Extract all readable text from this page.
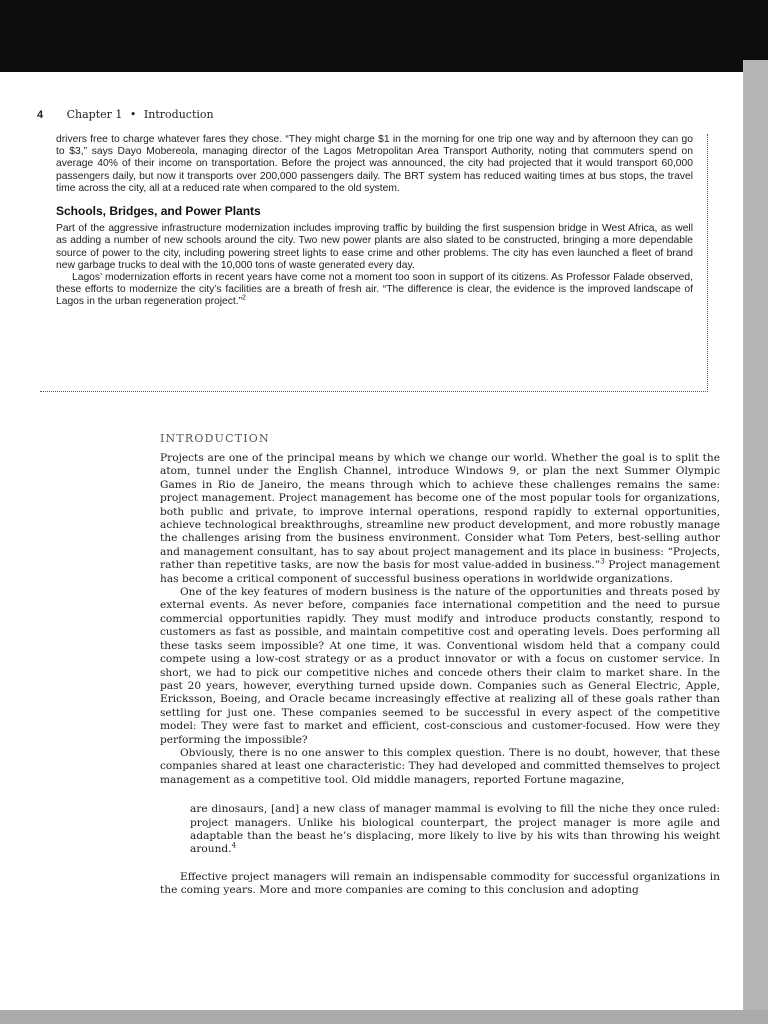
4 Chapter 1 • Introduction

drivers free to charge whatever fares they chose. “They might charge $1 in the morning for one trip one way and by afternoon they can go to $3,” says Dayo Mobereola, managing director of the Lagos Metropolitan Area Transport Authority, noting that commuters spend on average 40% of their income on transportation. Before the project was announced, the city had projected that it would transport 60,000 passengers daily, but now it transports over 200,000 passengers daily. The BRT system has reduced waiting times at bus stops, the travel time across the city, all at a reduced rate when compared to the old system.

Schools, Bridges, and Power Plants

Part of the aggressive infrastructure modernization includes improving traffic by building the first suspension bridge in West Africa, as well as adding a number of new schools around the city. Two new power plants are also slated to be constructed, bringing a more dependable source of power to the city, including powering street lights to ease crime and other problems. The city has even launched a fleet of brand new garbage trucks to deal with the 10,000 tons of waste generated every day.

Lagos’ modernization efforts in recent years have come not a moment too soon in support of its citizens. As Professor Falade observed, these efforts to modernize the city’s facilities are a breath of fresh air. “The difference is clear, the evidence is the improved landscape of Lagos in the urban regeneration project.”$^2$

INTRODUCTION

Projects are one of the principal means by which we change our world. Whether the goal is to split the atom, tunnel under the English Channel, introduce Windows 9, or plan the next Summer Olympic Games in Rio de Janeiro, the means through which to achieve these challenges remains the same: project management. Project management has become one of the most popular tools for organizations, both public and private, to improve internal operations, respond rapidly to external opportunities, achieve technological breakthroughs, streamline new product development, and more robustly manage the challenges arising from the business environment. Consider what Tom Peters, best-selling author and management consultant, has to say about project management and its place in business: “Projects, rather than repetitive tasks, are now the basis for most value-added in business.”$^3$ Project management has become a critical component of successful business operations in worldwide organizations.

One of the key features of modern business is the nature of the opportunities and threats posed by external events. As never before, companies face international competition and the need to pursue commercial opportunities rapidly. They must modify and introduce products constantly, respond to customers as fast as possible, and maintain competitive cost and operating levels. Does performing all these tasks seem impossible? At one time, it was. Conventional wisdom held that a company could compete using a low-cost strategy or as a product innovator or with a focus on customer service. In short, we had to pick our competitive niches and concede others their claim to market share. In the past 20 years, however, everything turned upside down. Companies such as General Electric, Apple, Ericksson, Boeing, and Oracle became increasingly effective at realizing all of these goals rather than settling for just one. These companies seemed to be successful in every aspect of the competitive model: They were fast to market and efficient, cost-conscious and customer-focused. How were they performing the impossible?

Obviously, there is no one answer to this complex question. There is no doubt, however, that these companies shared at least one characteristic: They had developed and committed themselves to project management as a competitive tool. Old middle managers, reported Fortune magazine,

are dinosaurs, [and] a new class of manager mammal is evolving to fill the niche they once ruled: project managers. Unlike his biological counterpart, the project manager is more agile and adaptable than the beast he’s displacing, more likely to live by his wits than throwing his weight around.$^4$

Effective project managers will remain an indispensable commodity for successful organizations in the coming years. More and more companies are coming to this conclusion and adopting
